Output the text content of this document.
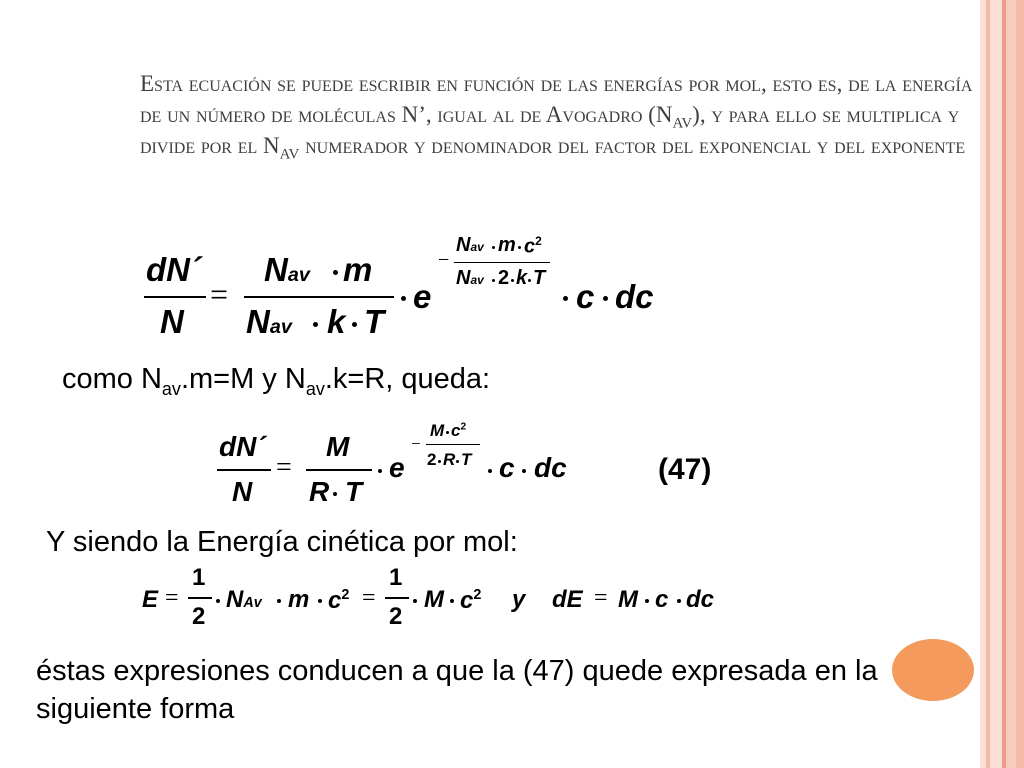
Esta ecuación se puede escribir en función de las energías por mol, esto es, de la energía de un número de moléculas N’, igual al de Avogadro $(N_{AV})$, y para ello se multiplica y divide por el $N_{AV}$ numerador y denominador del factor del exponencial y del exponente
dN´
N
=
Nav m
Nav k T
e
−
Nav m $c^2$
Nav 2 k T c dc
como $N_{av}.m=M$ y $N_{av}.k=R$, queda:
dN´
N
=
M
R T
e
−
M $c^2$
2 R T c dc	(47)
Y siendo la Energía cinética por mol:
E =
1
2
NAv m $c^2$ =
1
2
M $c^2$ y dE = M c dc
éstas expresiones conducen a que la (47) quede expresada en la siguiente forma
